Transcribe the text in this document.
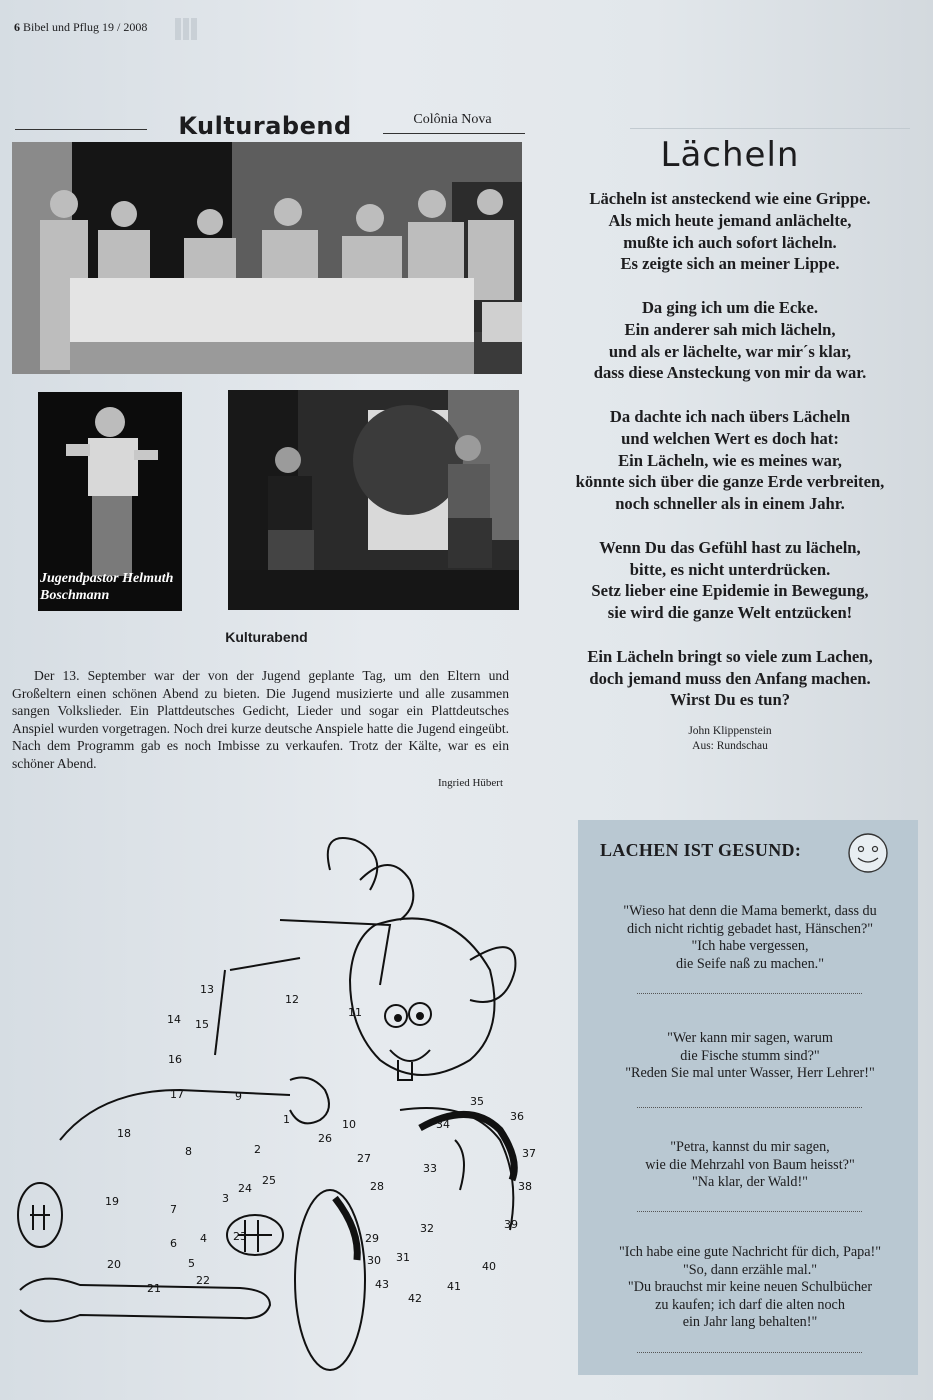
6 Bibel und Pflug 19 / 2008
Kulturabend	Colônia Nova
Jugendpastor Helmuth Boschmann
Kulturabend

Der 13. September war der von der Jugend geplante Tag, um den Eltern und Großeltern einen schönen Abend zu bieten. Die Jugend musizierte und alle zusammen sangen Volkslieder. Ein Plattdeutsches Gedicht, Lieder und sogar ein Plattdeutsches Anspiel wurden vorgetragen. Noch drei kurze deutsche Anspiele hatte die Jugend eingeübt. Nach dem Programm gab es noch Imbisse zu verkaufen. Trotz der Kälte, war es ein schöner Abend.

Ingried Hübert
Lächeln
Lächeln ist ansteckend wie eine Grippe.
Als mich heute jemand anlächelte,
mußte ich auch sofort lächeln.
Es zeigte sich an meiner Lippe.
Da ging ich um die Ecke.
Ein anderer sah mich lächeln,
und als er lächelte, war mir´s klar,
dass diese Ansteckung von mir da war.
Da dachte ich nach übers Lächeln
und welchen Wert es doch hat:
Ein Lächeln, wie es meines war,
könnte sich über die ganze Erde verbreiten,
noch schneller als in einem Jahr.
Wenn Du das Gefühl hast zu lächeln,
bitte, es nicht unterdrücken.
Setz lieber eine Epidemie in Bewegung,
sie wird die ganze Welt entzücken!
Ein Lächeln bringt so viele zum Lachen,
doch jemand muss den Anfang machen.
Wirst Du es tun?
John Klippenstein
Aus: Rundschau
LACHEN IST GESUND:
"Wieso hat denn die Mama bemerkt, dass du
dich nicht richtig gebadet hast, Hänschen?"
"Ich habe vergessen,
die Seife naß zu machen."
"Wer kann mir sagen, warum
die Fische stumm sind?"
"Reden Sie mal unter Wasser, Herr Lehrer!"
"Petra, kannst du mir sagen,
wie die Mehrzahl von Baum heisst?"
"Na klar, der Wald!"
"Ich habe eine gute Nachricht für dich, Papa!"
"So, dann erzähle mal."
"Du brauchst mir keine neuen Schulbücher
zu kaufen; ich darf die alten noch
ein Jahr lang behalten!"
1
2
3
4
5
6
7
8
9
10
11
12
13
14 15
16
17
18
19
20
21
22
23
24
25
26
27
28
29
30 31
32
33
34
35
36
37
38
39
40
41
42
43
